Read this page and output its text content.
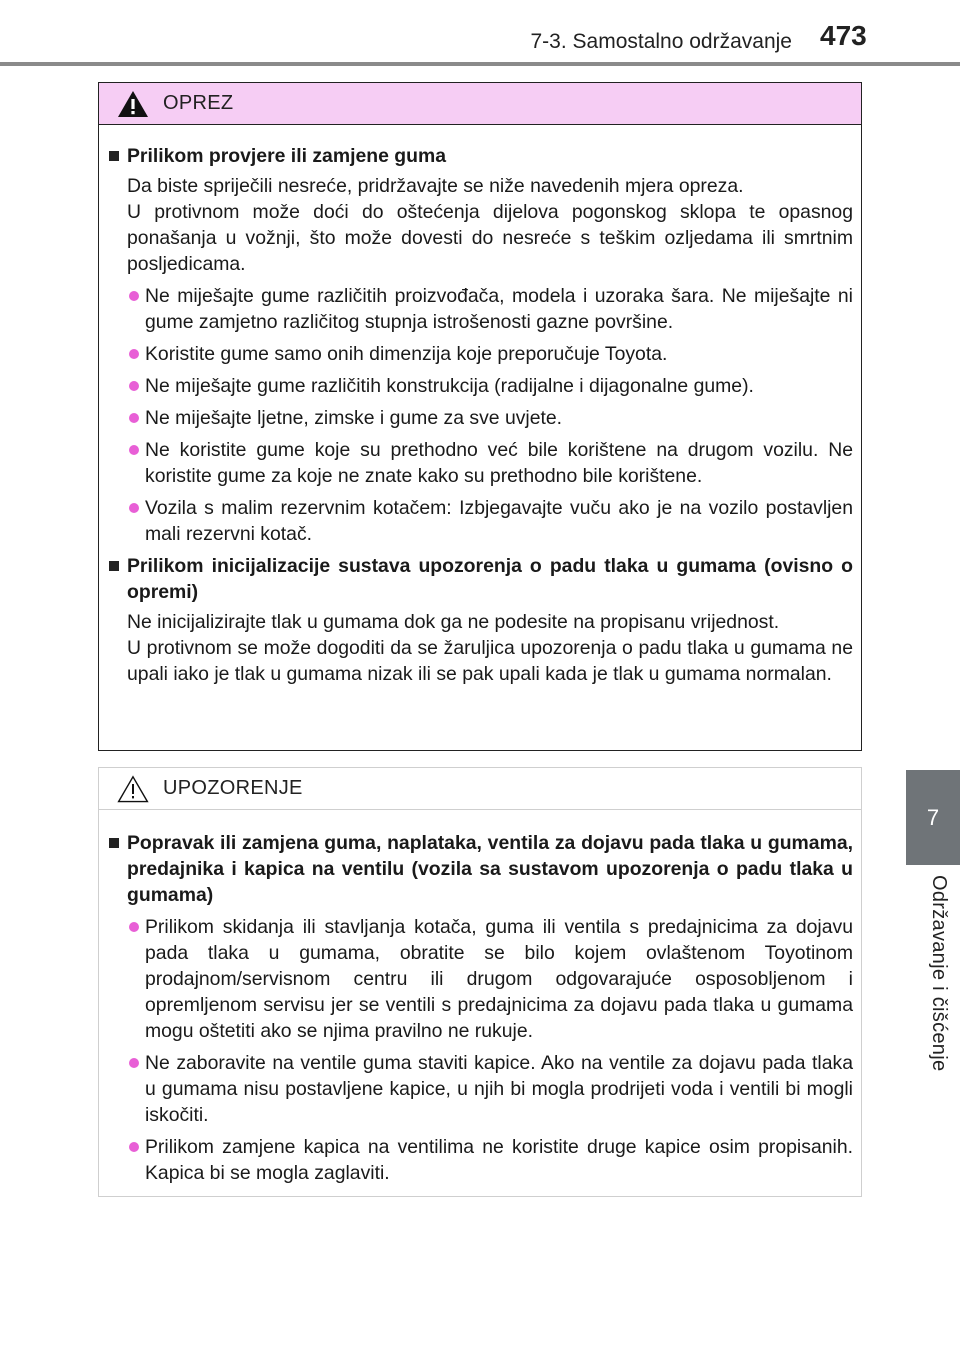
7-3. Samostalno održavanje 473
7
Održavanje i čišćenje
OPREZ
Prilikom provjere ili zamjene guma
Da biste spriječili nesreće, pridržavajte se niže navedenih mjera opreza.
U protivnom može doći do oštećenja dijelova pogonskog sklopa te opasnog ponašanja u vožnji, što može dovesti do nesreće s teškim ozljedama ili smrtnim posljedicama.
Ne miješajte gume različitih proizvođača, modela i uzoraka šara. Ne miješajte ni gume zamjetno različitog stupnja istrošenosti gazne površine.
Koristite gume samo onih dimenzija koje preporučuje Toyota.
Ne miješajte gume različitih konstrukcija (radijalne i dijagonalne gume).
Ne miješajte ljetne, zimske i gume za sve uvjete.
Ne koristite gume koje su prethodno već bile korištene na drugom vozilu. Ne koristite gume za koje ne znate kako su prethodno bile korištene.
Vozila s malim rezervnim kotačem: Izbjegavajte vuču ako je na vozilo postavljen mali rezervni kotač.
Prilikom inicijalizacije sustava upozorenja o padu tlaka u gumama (ovisno o opremi)
Ne inicijalizirajte tlak u gumama dok ga ne podesite na propisanu vrijednost.
U protivnom se može dogoditi da se žaruljica upozorenja o padu tlaka u gumama ne upali iako je tlak u gumama nizak ili se pak upali kada je tlak u gumama normalan.
UPOZORENJE
Popravak ili zamjena guma, naplataka, ventila za dojavu pada tlaka u gumama, predajnika i kapica na ventilu (vozila sa sustavom upozorenja o padu tlaka u gumama)
Prilikom skidanja ili stavljanja kotača, guma ili ventila s predajnicima za dojavu pada tlaka u gumama, obratite se bilo kojem ovlaštenom Toyotinom prodajnom/servisnom centru ili drugom odgovarajuće osposobljenom i opremljenom servisu jer se ventili s predajnicima za dojavu pada tlaka u gumama mogu oštetiti ako se njima pravilno ne rukuje.
Ne zaboravite na ventile guma staviti kapice. Ako na ventile za dojavu pada tlaka u gumama nisu postavljene kapice, u njih bi mogla prodrijeti voda i ventili bi mogli iskočiti.
Prilikom zamjene kapica na ventilima ne koristite druge kapice osim propisanih. Kapica bi se mogla zaglaviti.
